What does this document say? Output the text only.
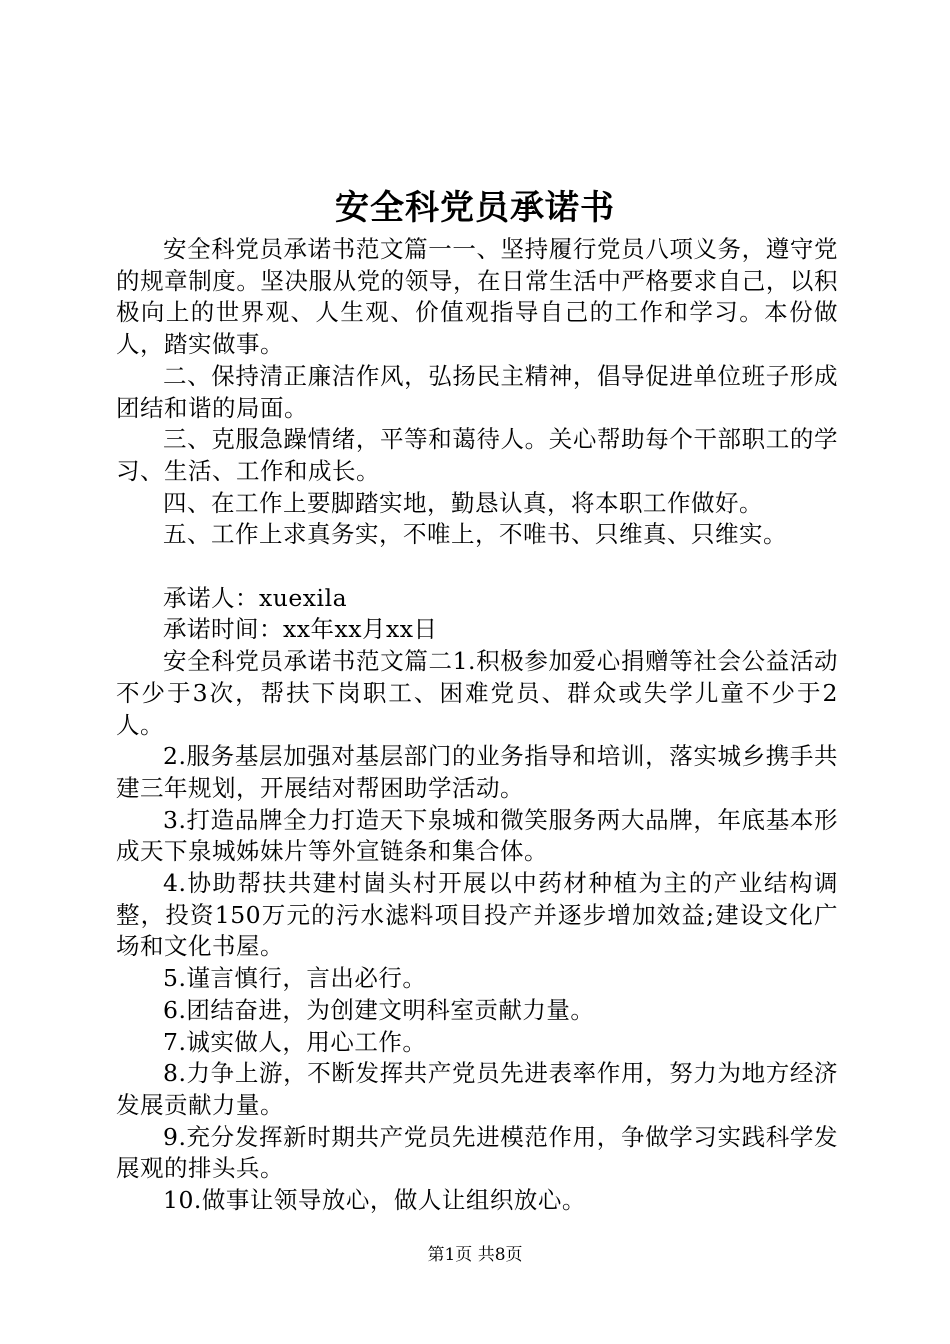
安全科党员承诺书

安全科党员承诺书范文篇一一、坚持履行党员八项义务，遵守党的规章制度。坚决服从党的领导，在日常生活中严格要求自己，以积极向上的世界观、人生观、价值观指导自己的工作和学习。本份做人，踏实做事。

二、保持清正廉洁作风，弘扬民主精神，倡导促进单位班子形成团结和谐的局面。

三、克服急躁情绪，平等和蔼待人。关心帮助每个干部职工的学习、生活、工作和成长。

四、在工作上要脚踏实地，勤恳认真，将本职工作做好。

五、工作上求真务实，不唯上，不唯书、只维真、只维实。

承诺人：xuexila

承诺时间：xx年xx月xx日

安全科党员承诺书范文篇二1.积极参加爱心捐赠等社会公益活动不少于3次，帮扶下岗职工、困难党员、群众或失学儿童不少于2人。

2.服务基层加强对基层部门的业务指导和培训，落实城乡携手共建三年规划，开展结对帮困助学活动。

3.打造品牌全力打造天下泉城和微笑服务两大品牌，年底基本形成天下泉城姊妹片等外宣链条和集合体。

4.协助帮扶共建村崮头村开展以中药材种植为主的产业结构调整，投资150万元的污水滤料项目投产并逐步增加效益;建设文化广场和文化书屋。

5.谨言慎行，言出必行。

6.团结奋进，为创建文明科室贡献力量。

7.诚实做人，用心工作。

8.力争上游，不断发挥共产党员先进表率作用，努力为地方经济发展贡献力量。

9.充分发挥新时期共产党员先进模范作用，争做学习实践科学发展观的排头兵。

10.做事让领导放心，做人让组织放心。

第1页 共8页
